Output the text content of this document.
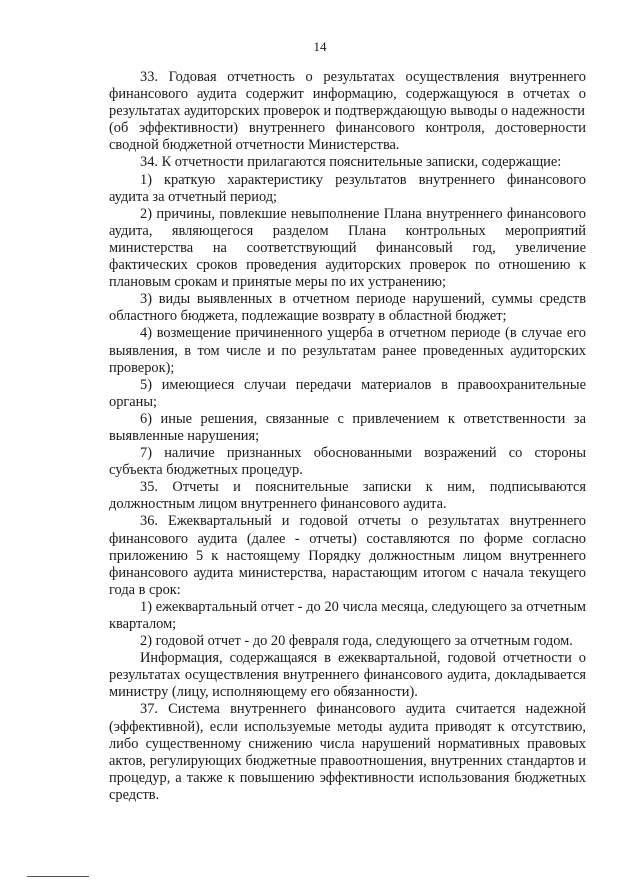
14

33. Годовая отчетность о результатах осуществления внутреннего финансового аудита содержит информацию, содержащуюся в отчетах о результатах аудиторских проверок и подтверждающую выводы о надежности

(об эффективности) внутреннего финансового контроля, достоверности сводной бюджетной отчетности Министерства.

34. К отчетности прилагаются пояснительные записки, содержащие:

1) краткую характеристику результатов внутреннего финансового аудита за отчетный период;

2) причины, повлекшие невыполнение Плана внутреннего финансового аудита, являющегося разделом Плана контрольных мероприятий министерства на соответствующий финансовый год, увеличение фактических сроков проведения аудиторских проверок по отношению к плановым срокам и принятые меры по их устранению;

3) виды выявленных в отчетном периоде нарушений, суммы средств областного бюджета, подлежащие возврату в областной бюджет;

4) возмещение причиненного ущерба в отчетном периоде (в случае его выявления, в том числе и по результатам ранее проведенных аудиторских проверок);

5) имеющиеся случаи передачи материалов в правоохранительные органы;

6) иные решения, связанные с привлечением к ответственности за выявленные нарушения;

7) наличие признанных обоснованными возражений со стороны субъекта бюджетных процедур.

35. Отчеты и пояснительные записки к ним, подписываются должностным лицом внутреннего финансового аудита.

36. Ежеквартальный и годовой отчеты о результатах внутреннего финансового аудита (далее - отчеты) составляются по форме согласно приложению 5 к настоящему Порядку должностным лицом внутреннего финансового аудита министерства, нарастающим итогом с начала текущего года в срок:

1) ежеквартальный отчет - до 20 числа месяца, следующего за отчетным кварталом;

2) годовой отчет - до 20 февраля года, следующего за отчетным годом.

Информация, содержащаяся в ежеквартальной, годовой отчетности о результатах осуществления внутреннего финансового аудита, докладывается министру (лицу, исполняющему его обязанности).

37. Система внутреннего финансового аудита считается надежной (эффективной), если используемые методы аудита приводят к отсутствию, либо существенному снижению числа нарушений нормативных правовых актов, регулирующих бюджетные правоотношения, внутренних стандартов и процедур, а также к повышению эффективности использования бюджетных средств.
